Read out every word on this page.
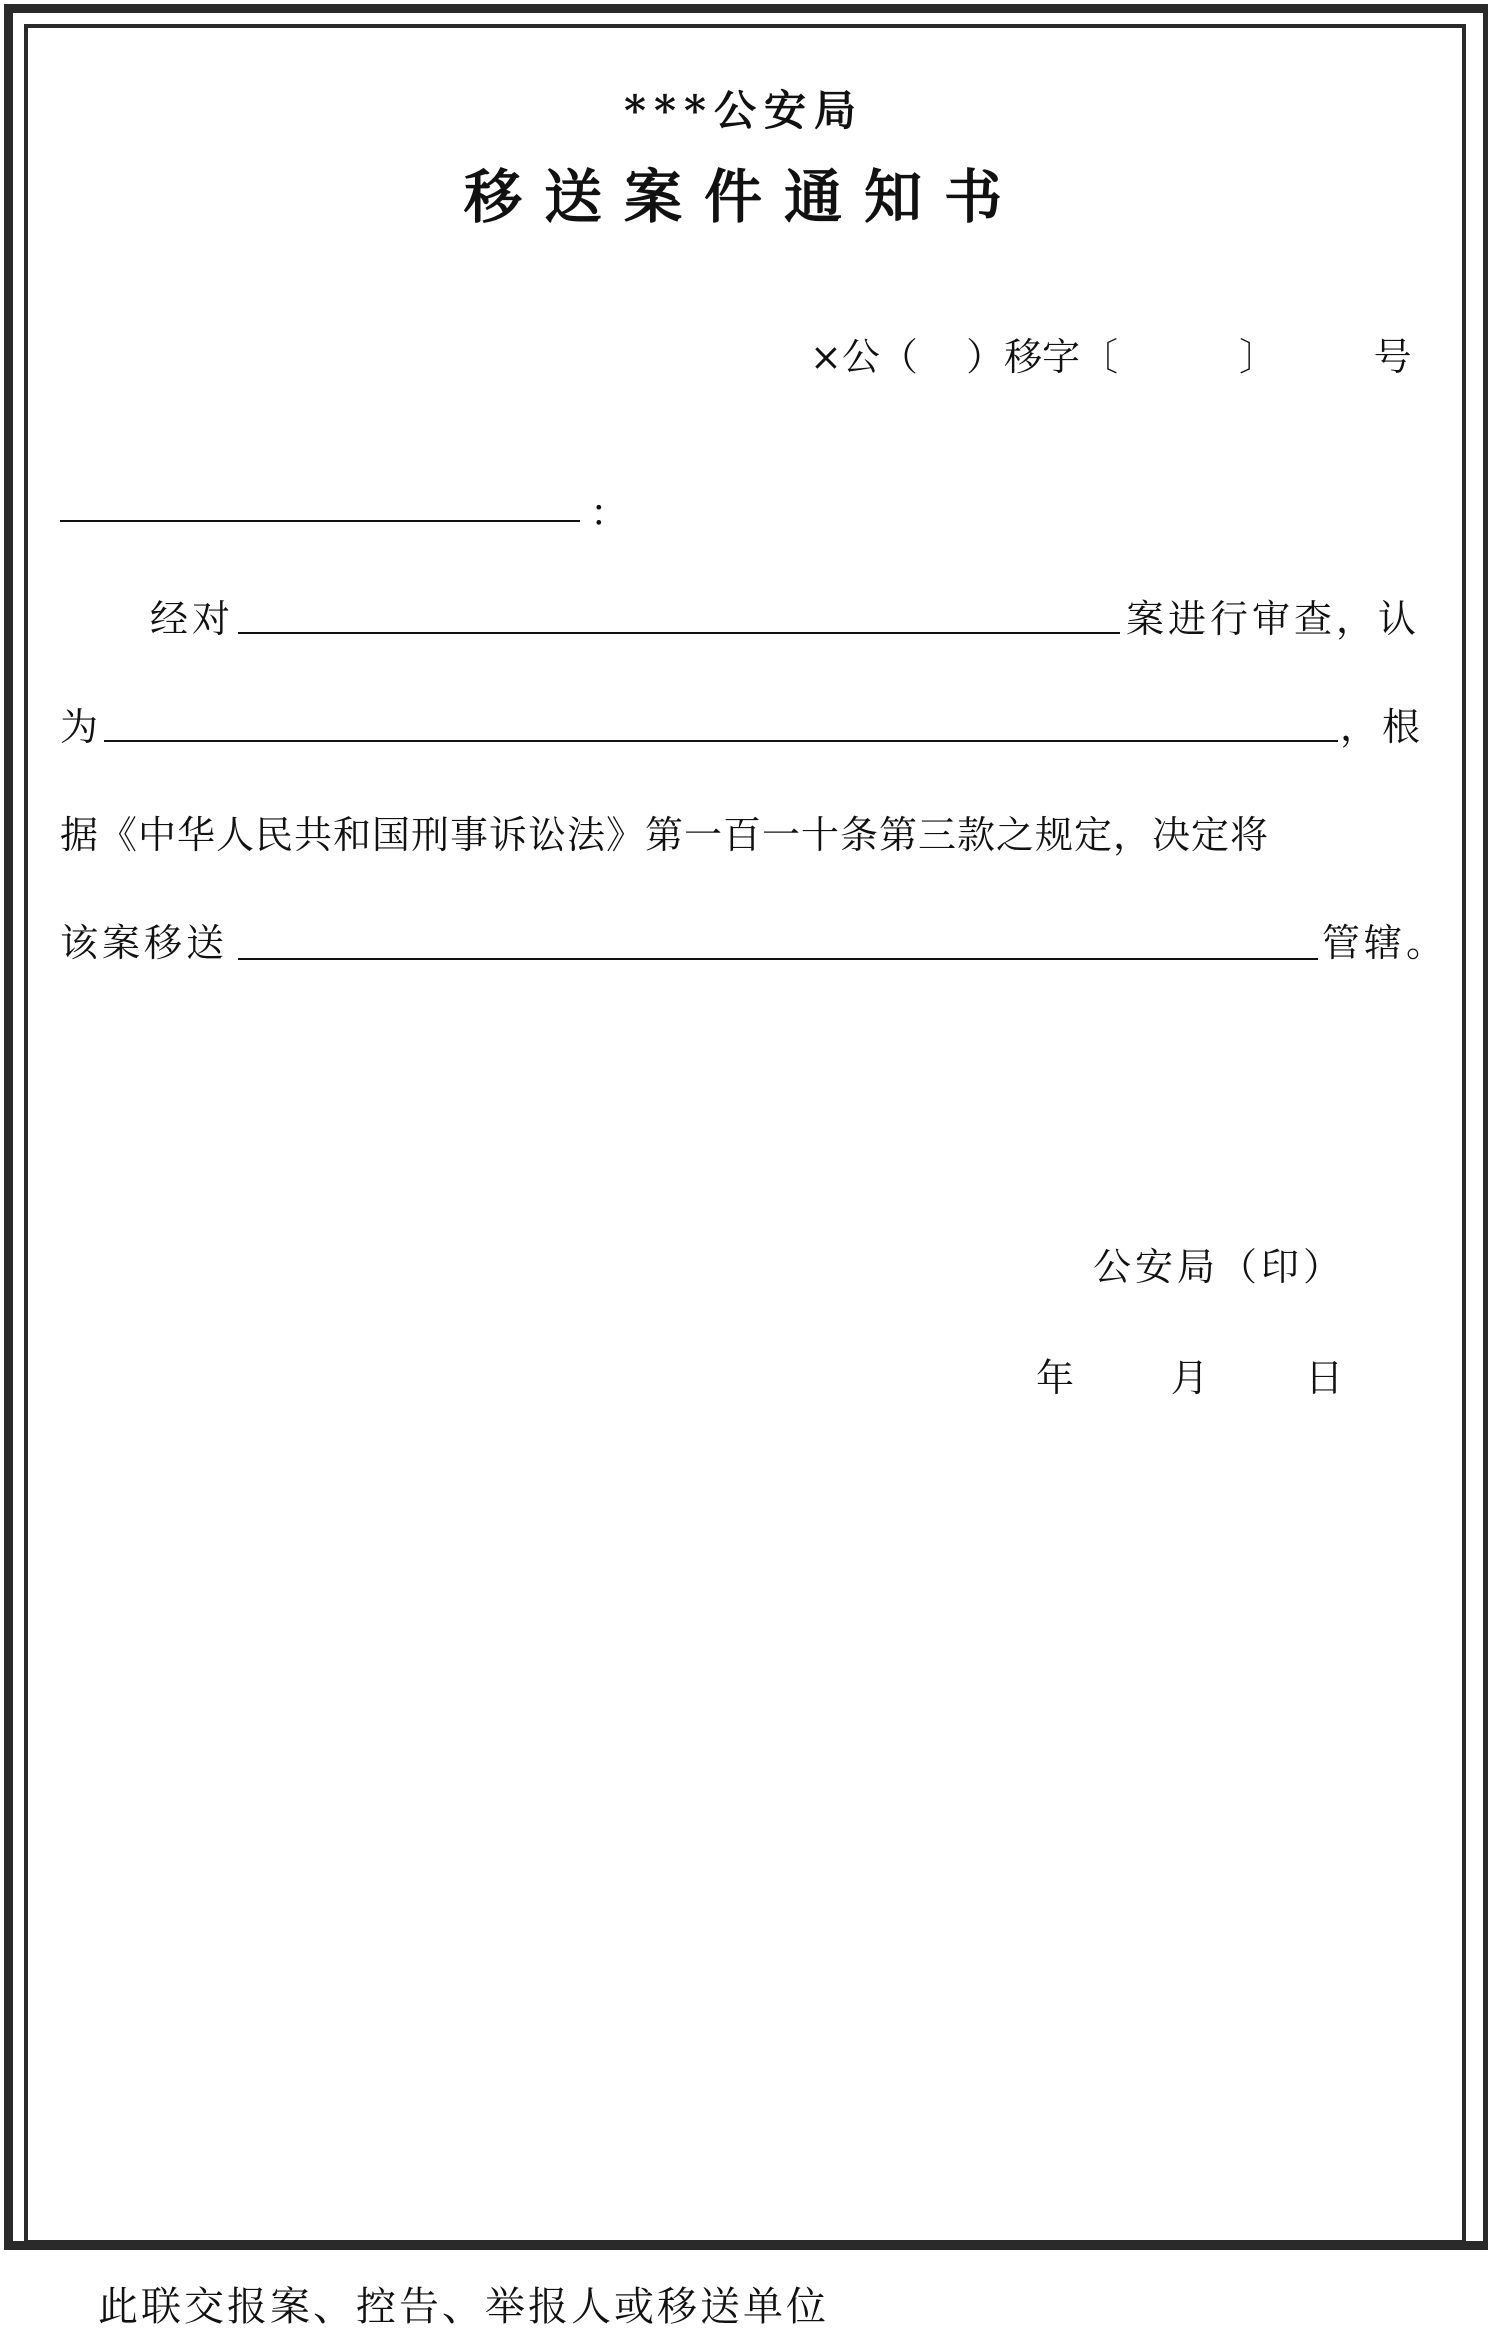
***公安局
移送案件通知书
×公（    ）移字〔          〕        号
：
经对	案进行审查，认
为	，根
据《中华人民共和国刑事诉讼法》第一百一十条第三款之规定，决定将
该案移送	管辖。
公安局（印）
年        月        日
此联交报案、控告、举报人或移送单位
